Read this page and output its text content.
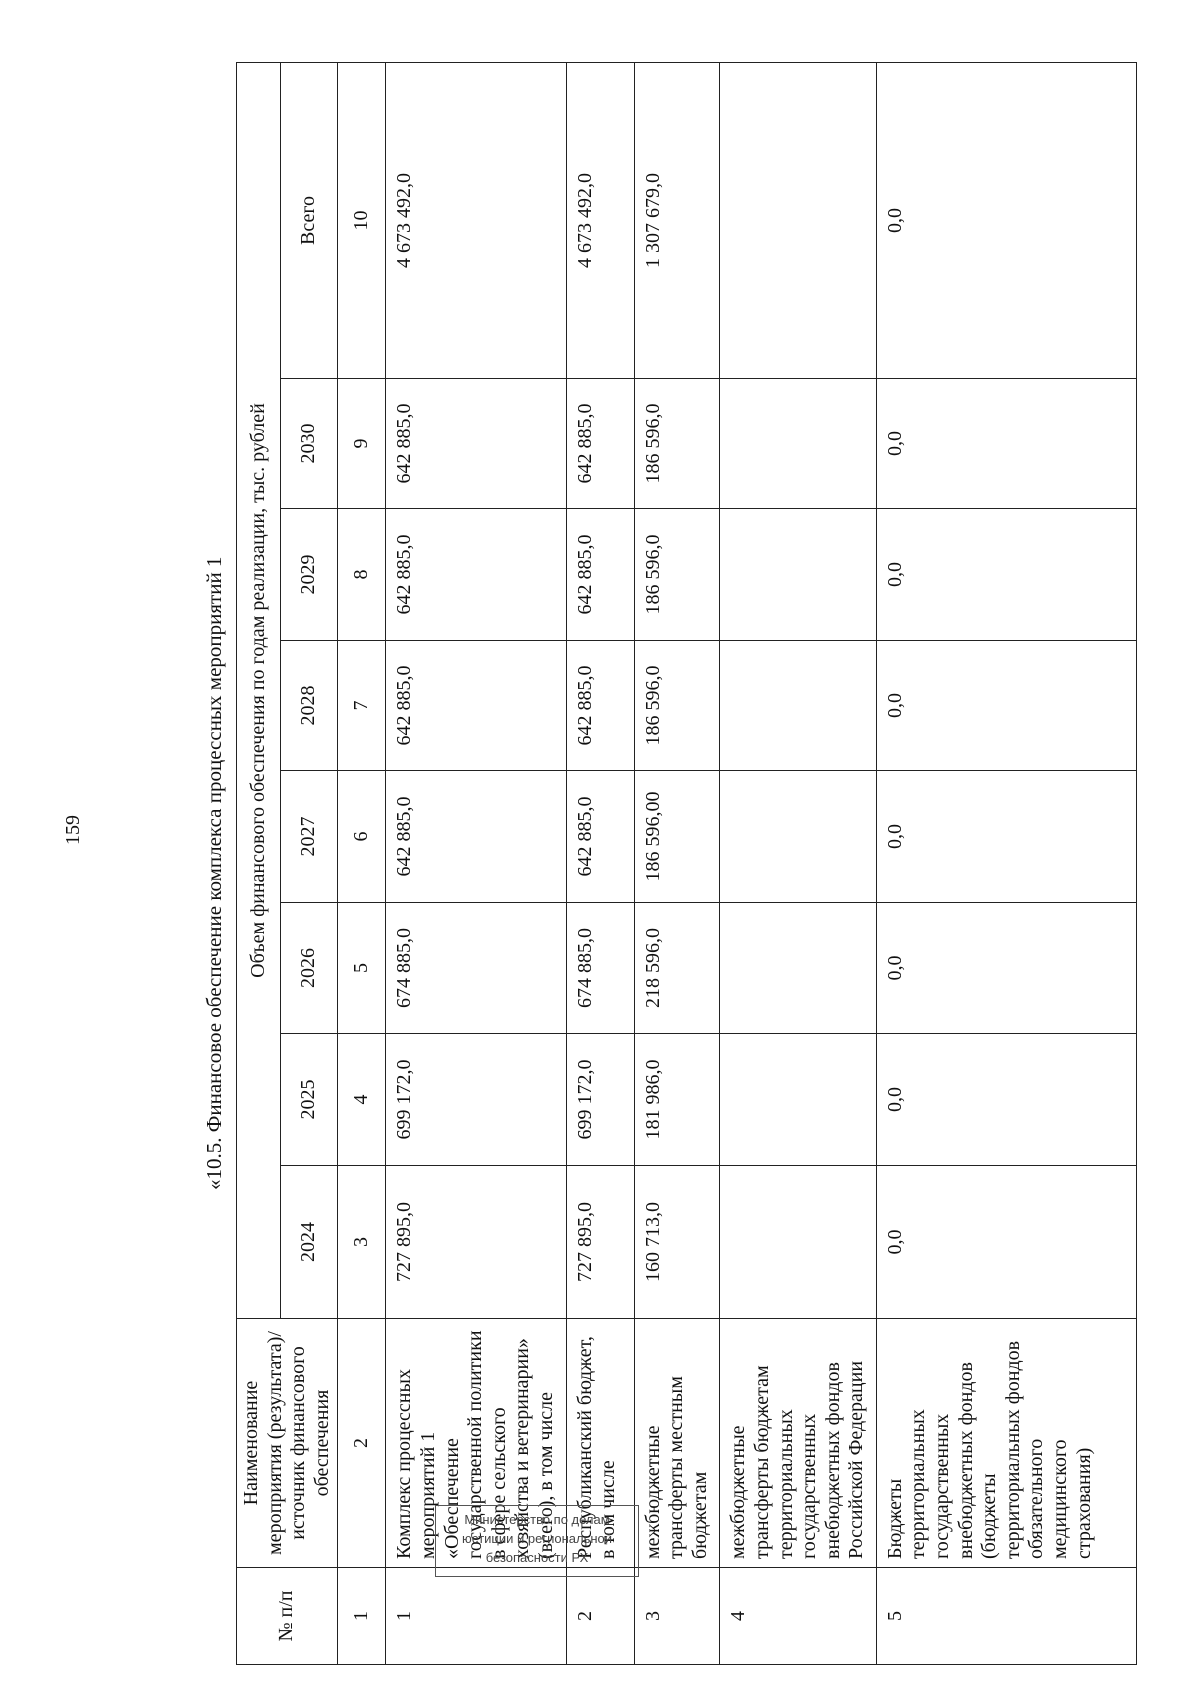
159	«10.5. Финансовое обеспечение комплекса процессных мероприятий 1
№ п/п	Наименование мероприятия (результата)/источник финансового обеспечения	Объем финансового обеспечения по годам реализации, тыс. рублей							
		2024	2025	2026	2027	2028	2029	2030	Всего
1	2	3	4	5	6	7	8	9	10
1	Комплекс процессных мероприятий 1 «Обеспечение государственной политики в сфере сельского хозяйства и ветеринарии» (всего), в том числе	727 895,0	699 172,0	674 885,0	642 885,0	642 885,0	642 885,0	642 885,0	4 673 492,0
2	Республиканский бюджет, в том числе	727 895,0	699 172,0	674 885,0	642 885,0	642 885,0	642 885,0	642 885,0	4 673 492,0
3	межбюджетные трансферты местным бюджетам	160 713,0	181 986,0	218 596,0	186 596,00	186 596,0	186 596,0	186 596,0	1 307 679,0
4	межбюджетные трансферты бюджетам территориальных государственных внебюджетных фондов Российской Федерации								
5	Бюджеты территориальных государственных внебюджетных фондов (бюджеты территориальных фондов обязательного медицинского страхования)	0,0	0,0	0,0	0,0	0,0	0,0	0,0	0,0
Министерство по делам
юстиции и региональной
безопасности РХ
